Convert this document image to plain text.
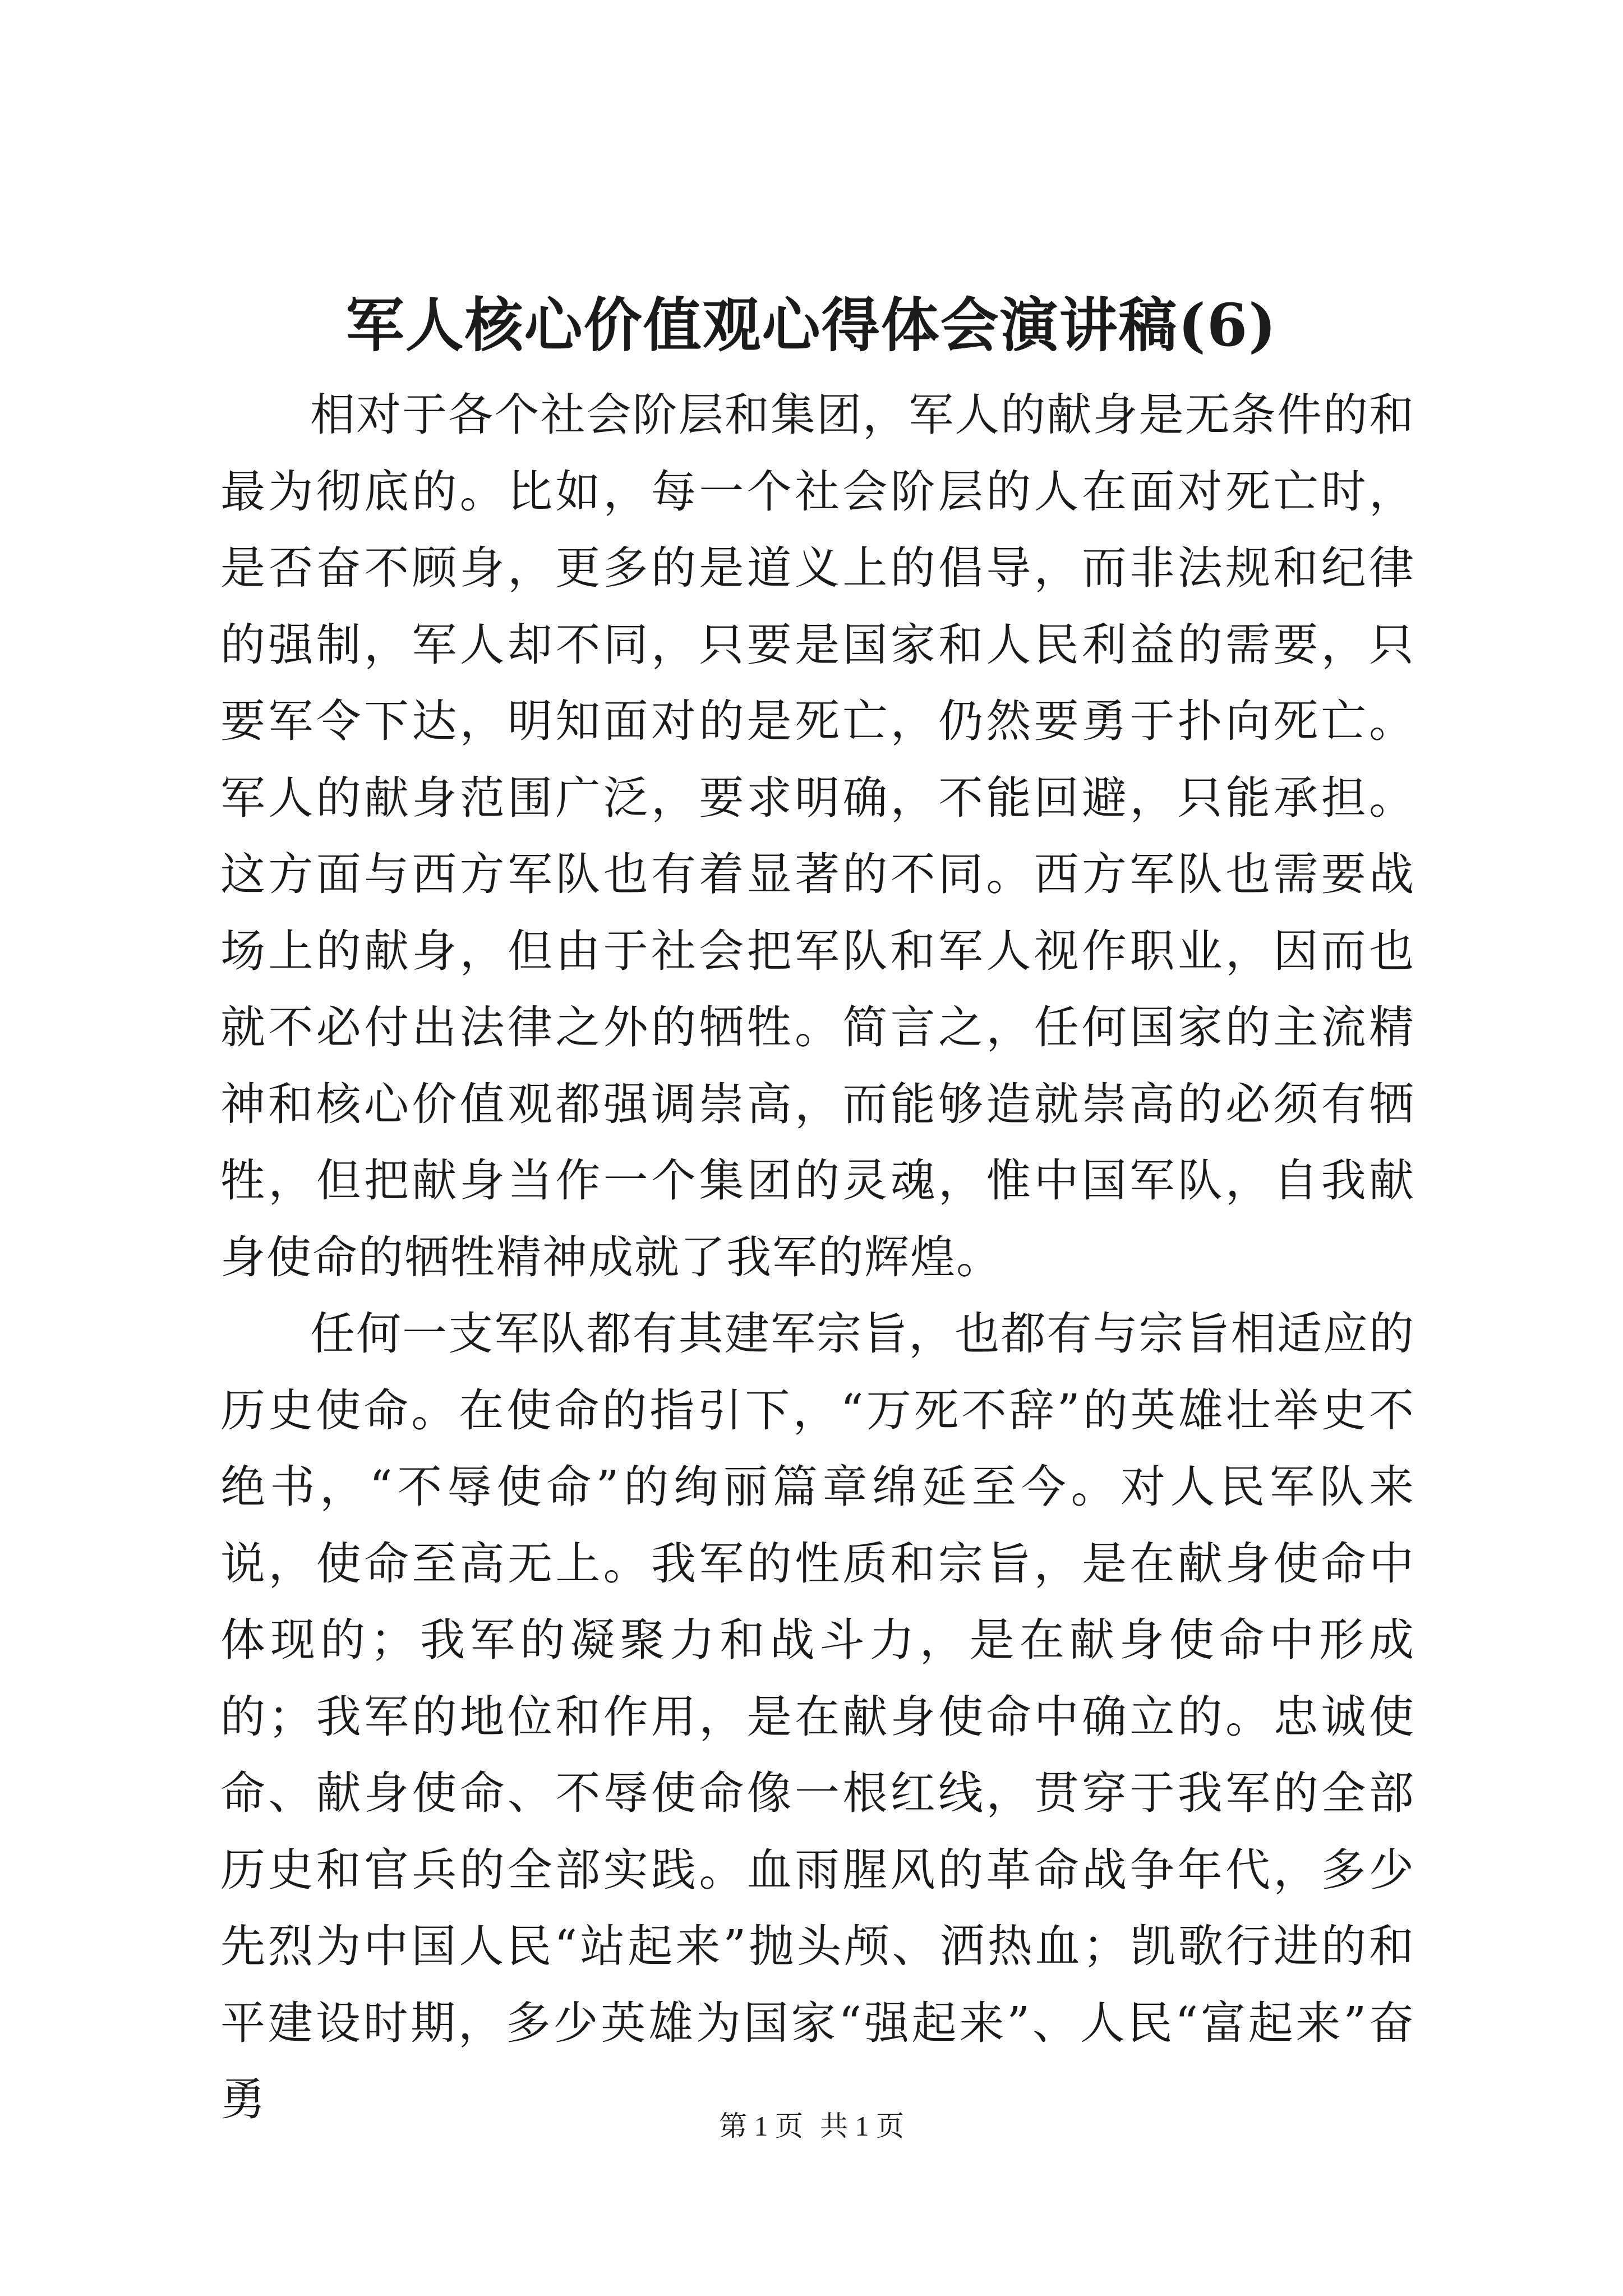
军人核心价值观心得体会演讲稿(6)

相对于各个社会阶层和集团，军人的献身是无条件的和最为彻底的。比如，每一个社会阶层的人在面对死亡时，是否奋不顾身，更多的是道义上的倡导，而非法规和纪律的强制，军人却不同，只要是国家和人民利益的需要，只要军令下达，明知面对的是死亡，仍然要勇于扑向死亡。军人的献身范围广泛，要求明确，不能回避，只能承担。这方面与西方军队也有着显著的不同。西方军队也需要战场上的献身，但由于社会把军队和军人视作职业，因而也就不必付出法律之外的牺牲。简言之，任何国家的主流精神和核心价值观都强调崇高，而能够造就崇高的必须有牺牲，但把献身当作一个集团的灵魂，惟中国军队，自我献身使命的牺牲精神成就了我军的辉煌。

任何一支军队都有其建军宗旨，也都有与宗旨相适应的历史使命。在使命的指引下，“万死不辞”的英雄壮举史不绝书，“不辱使命”的绚丽篇章绵延至今。对人民军队来说，使命至高无上。我军的性质和宗旨，是在献身使命中体现的；我军的凝聚力和战斗力，是在献身使命中形成的；我军的地位和作用，是在献身使命中确立的。忠诚使命、献身使命、不辱使命像一根红线，贯穿于我军的全部历史和官兵的全部实践。血雨腥风的革命战争年代，多少先烈为中国人民“站起来”抛头颅、洒热血；凯歌行进的和平建设时期，多少英雄为国家“强起来”、人民“富起来”奋勇

第 1 页 共 1 页
